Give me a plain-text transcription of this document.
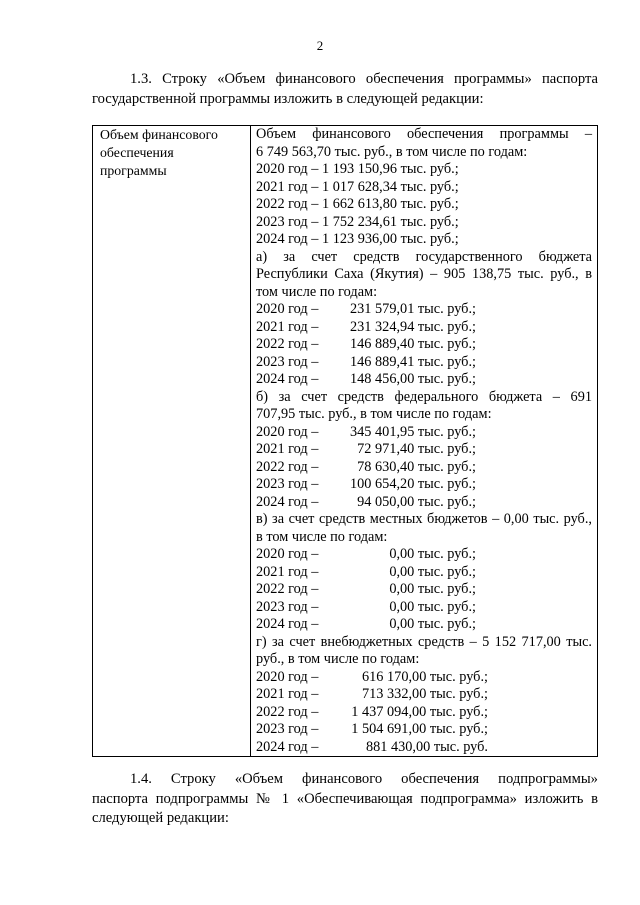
2
1.3. Строку «Объем финансового обеспечения программы» паспорта
государственной программы изложить в следующей редакции:
Объем финансового
обеспечения
программы

Объем финансового обеспечения программы –
6 749 563,70 тыс. руб., в том числе по годам:
2020 год – 1 193 150,96 тыс. руб.;
2021 год – 1 017 628,34 тыс. руб.;
2022 год – 1 662 613,80 тыс. руб.;
2023 год – 1 752 234,61 тыс. руб.;
2024 год – 1 123 936,00 тыс. руб.;
а) за счет средств государственного бюджета
Республики Саха (Якутия) – 905 138,75 тыс. руб., в
том числе по годам:
2020 год –	231 579,01 тыс. руб.;
2021 год –	231 324,94 тыс. руб.;
2022 год –	146 889,40 тыс. руб.;
2023 год –	146 889,41 тыс. руб.;
2024 год –	148 456,00 тыс. руб.;
б) за счет средств федерального бюджета – 691
707,95 тыс. руб., в том числе по годам:
2020 год –	345 401,95 тыс. руб.;
2021 год –	72 971,40 тыс. руб.;
2022 год –	78 630,40 тыс. руб.;
2023 год –	100 654,20 тыс. руб.;
2024 год –	94 050,00 тыс. руб.;
в) за счет средств местных бюджетов – 0,00 тыс. руб.,
в том числе по годам:
2020 год –	0,00 тыс. руб.;
2021 год –	0,00 тыс. руб.;
2022 год –	0,00 тыс. руб.;
2023 год –	0,00 тыс. руб.;
2024 год –	0,00 тыс. руб.;
г) за счет внебюджетных средств – 5 152 717,00 тыс.
руб., в том числе по годам:
2020 год –	616 170,00 тыс. руб.;
2021 год –	713 332,00 тыс. руб.;
2022 год –	1 437 094,00 тыс. руб.;
2023 год –	1 504 691,00 тыс. руб.;
2024 год –	881 430,00 тыс. руб.
1.4. Строку «Объем финансового обеспечения подпрограммы»
паспорта подпрограммы № 1 «Обеспечивающая подпрограмма» изложить в
следующей редакции:
